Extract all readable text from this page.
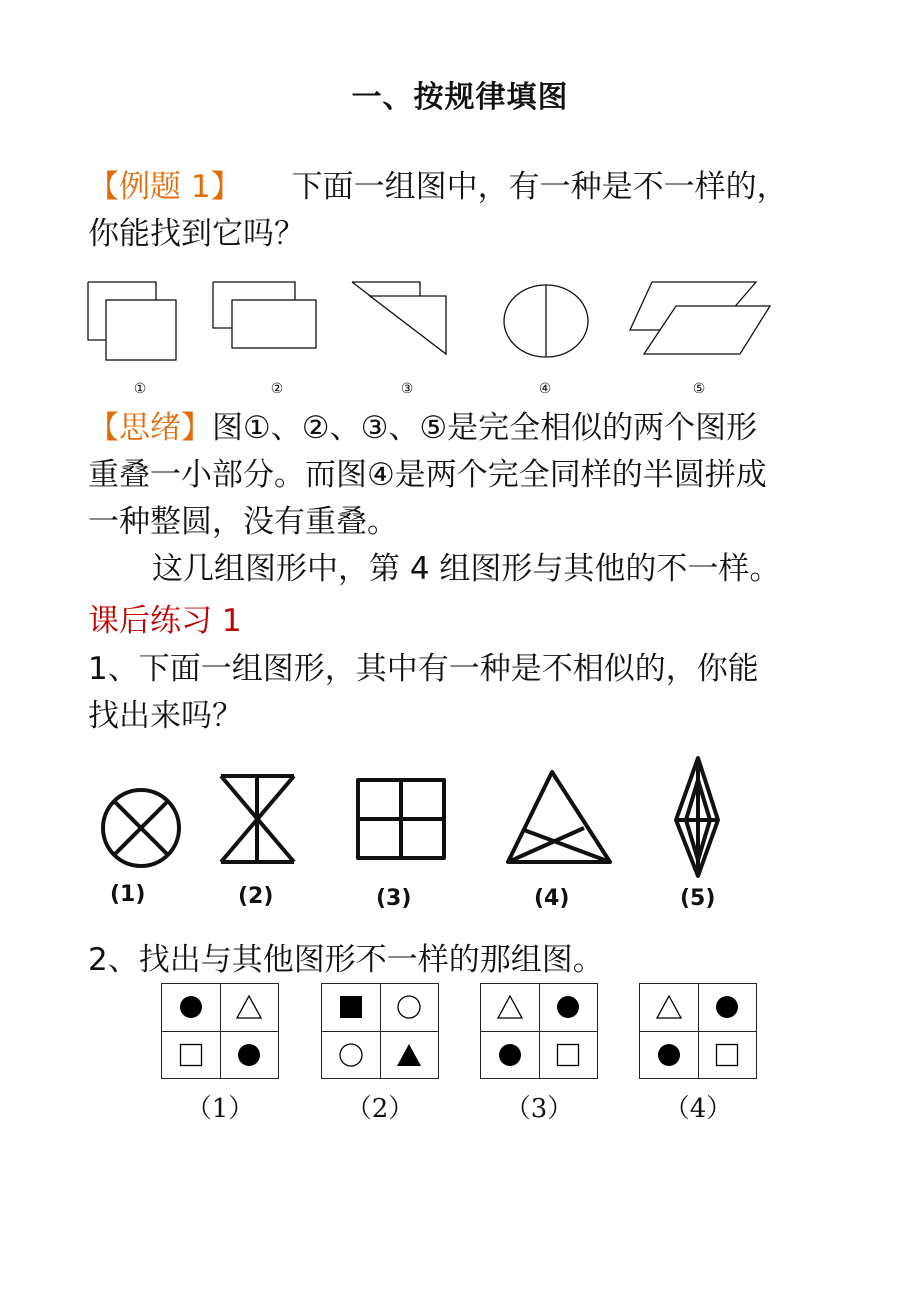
一、按规律填图
【例题 1】 下面一组图中，有一种是不一样的，
你能找到它吗？
①	②	③	④	⑤
【思绪】图①、②、③、⑤是完全相似的两个图形
重叠一小部分。而图④是两个完全同样的半圆拼成
一种整圆，没有重叠。
这几组图形中，第 4 组图形与其他的不一样。
课后练习 1
1、下面一组图形，其中有一种是不相似的，你能
找出来吗？
(1)	(2)	(3)	(4)	(5)
2、找出与其他图形不一样的那组图。
（1）	（2）	（3）	（4）
